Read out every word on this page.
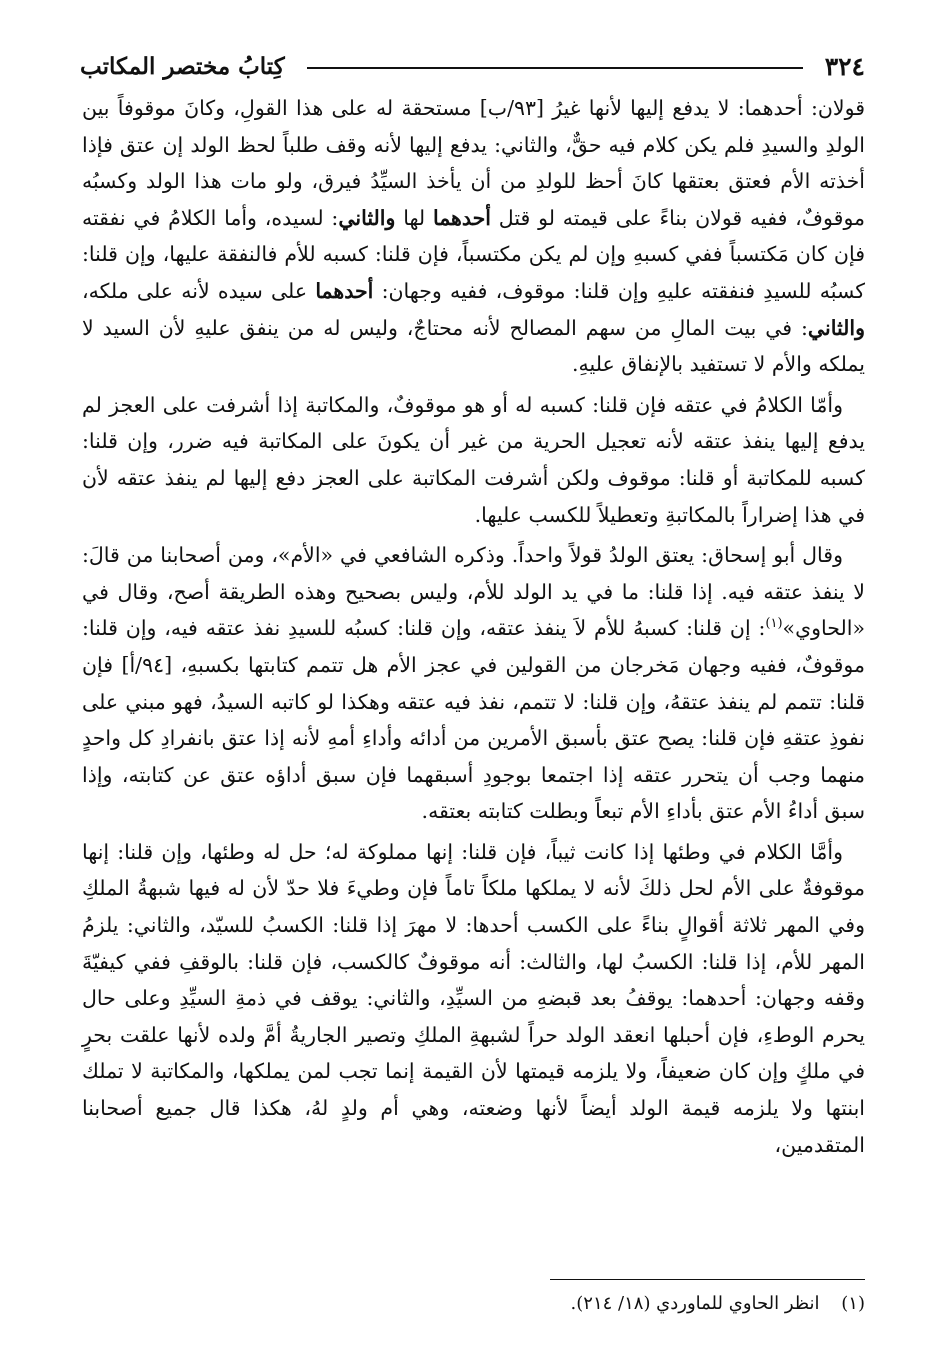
٣٢٤
كِتابُ مختصر المكاتب

قولان: أحدهما: لا يدفع إليها لأنها غيرُ [٩٣/ب] مستحقة له على هذا القولِ، وكانَ موقوفاً بين الولدِ والسيدِ فلم يكن كلام فيه حقٌّ، والثاني: يدفع إليها لأنه وقف طلباً لحظ الولد إن عتق فإذا أخذته الأم فعتق بعتقها كانَ أحظ للولدِ من أن يأخذ السيِّدُ فيرق، ولو مات هذا الولد وكسبُه موقوفٌ، ففيه قولان بناءً على قيمته لو قتل أحدهما لها والثاني: لسيده، وأما الكلامُ في نفقته فإن كان مَكتسباً ففي كسبهِ وإن لم يكن مكتسباً، فإن قلنا: كسبه للأم فالنفقة عليها، وإن قلنا: كسبُه للسيدِ فنفقته عليهِ وإن قلنا: موقوف، ففيه وجهان: أحدهما على سيده لأنه على ملكه، والثاني: في بيت المالِ من سهم المصالح لأنه محتاجٌ، وليس له من ينفق عليهِ لأن السيد لا يملكه والأم لا تستفيد بالإنفاق عليهِ.

وأمّا الكلامُ في عتقه فإن قلنا: كسبه له أو هو موقوفٌ، والمكاتبة إذا أشرفت على العجز لم يدفع إليها ينفذ عتقه لأنه تعجيل الحرية من غير أن يكونَ على المكاتبة فيه ضرر، وإن قلنا: كسبه للمكاتبة أو قلنا: موقوف ولكن أشرفت المكاتبة على العجز دفع إليها لم ينفذ عتقه لأن في هذا إضراراً بالمكاتبةِ وتعطيلاً للكسب عليها.

وقال أبو إسحاق: يعتق الولدُ قولاً واحداً. وذكره الشافعي في «الأم»، ومن أصحابنا من قالَ: لا ينفذ عتقه فيه. إذا قلنا: ما في يد الولد للأم، وليس بصحيح وهذه الطريقة أصح، وقال في «الحاوي»$^{(١)}$: إن قلنا: كسبهُ للأم لاَ ينفذ عتقه، وإن قلنا: كسبُه للسيدِ نفذ عتقه فيه، وإن قلنا: موقوفٌ، ففيه وجهان مَخرجان من القولين في عجز الأم هل تتمم كتابتها بكسبهِ، [٩٤/أ] فإن قلنا: تتمم لم ينفذ عتقهُ، وإن قلنا: لا تتمم، نفذ فيه عتقه وهكذا لو كاتبه السيدُ، فهو مبني على نفوذِ عتقهِ فإن قلنا: يصح عتق بأسبق الأمرين من أدائه وأداءِ أمهِ لأنه إذا عتق بانفرادِ كل واحدٍ منهما وجب أن يتحرر عتقه إذا اجتمعا بوجودِ أسبقهما فإن سبق أداؤه عتق عن كتابته، وإذا سبق أداءُ الأم عتق بأداءِ الأم تبعاً وبطلت كتابته بعتقه.

وأمَّا الكلام في وطئها إذا كانت ثيباً، فإن قلنا: إنها مملوكة له؛ حل له وطئها، وإن قلنا: إنها موقوفةٌ على الأم لحل ذلكَ لأنه لا يملكها ملكاً تاماً فإن وطيءَ فلا حدّ لأن له فيها شبهةُ الملكِ وفي المهر ثلاثة أقوالٍ بناءً على الكسب أحدها: لا مهرَ إذا قلنا: الكسبُ للسيّد، والثاني: يلزمُ المهر للأم، إذا قلنا: الكسبُ لها، والثالث: أنه موقوفٌ كالكسب، فإن قلنا: بالوقفِ ففي كيفيّةَ وقفه وجهان: أحدهما: يوقفُ بعد قبضهِ من السيِّدِ، والثاني: يوقف في ذمةِ السيِّدِ وعلى حال يحرم الوطءِ، فإن أحبلها انعقد الولد حراً لشبهةِ الملكِ وتصير الجاريةُ أمَّ ولده لأنها علقت بحرٍ في ملكٍ وإن كان ضعيفاً، ولا يلزمه قيمتها لأن القيمة إنما تجب لمن يملكها، والمكاتبة لا تملك ابنتها ولا يلزمه قيمة الولد أيضاً لأنها وضعته، وهي أم ولدٍ لهُ، هكذا قال جميع أصحابنا المتقدمين،

(١) انظر الحاوي للماوردي (١٨/ ٢١٤).
